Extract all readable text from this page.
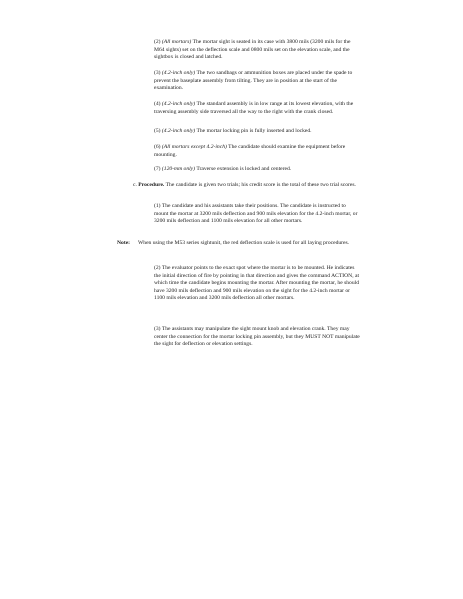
(2) (All mortars) The mortar sight is seated in its case with 3800 mils (3200 mils for the M64 sights) set on the deflection scale and 0800 mils set on the elevation scale, and the sightbox is closed and latched.

(3) (4.2-inch only) The two sandbags or ammunition boxes are placed under the spade to prevent the baseplate assembly from tilting. They are in position at the start of the examination.

(4) (4.2-inch only) The standard assembly is in low range at its lowest elevation, with the traversing assembly side traversed all the way to the right with the crank closed.

(5) (4.2-inch only) The mortar locking pin is fully inserted and locked.

(6) (All mortars except 4.2-inch) The candidate should examine the equipment before mounting.

(7) (120-mm only) Traverse extension is locked and centered.

c. Procedure. The candidate is given two trials; his credit score is the total of these two trial scores.

(1) The candidate and his assistants take their positions. The candidate is instructed to mount the mortar at 3200 mils deflection and 900 mils elevation for the 4.2-inch mortar, or 3200 mils deflection and 1100 mils elevation for all other mortars.

Note: When using the M53 series sightunit, the red deflection scale is used for all laying procedures.

(2) The evaluator points to the exact spot where the mortar is to be mounted. He indicates the initial direction of fire by pointing in that direction and gives the command ACTION, at which time the candidate begins mounting the mortar. After mounting the mortar, he should have 3200 mils deflection and 900 mils elevation on the sight for the 4.2-inch mortar or 1100 mils elevation and 3200 mils deflection all other mortars.

(3) The assistants may manipulate the sight mount knob and elevation crank. They may center the connection for the mortar locking pin assembly, but they MUST NOT manipulate the sight for deflection or elevation settings.
